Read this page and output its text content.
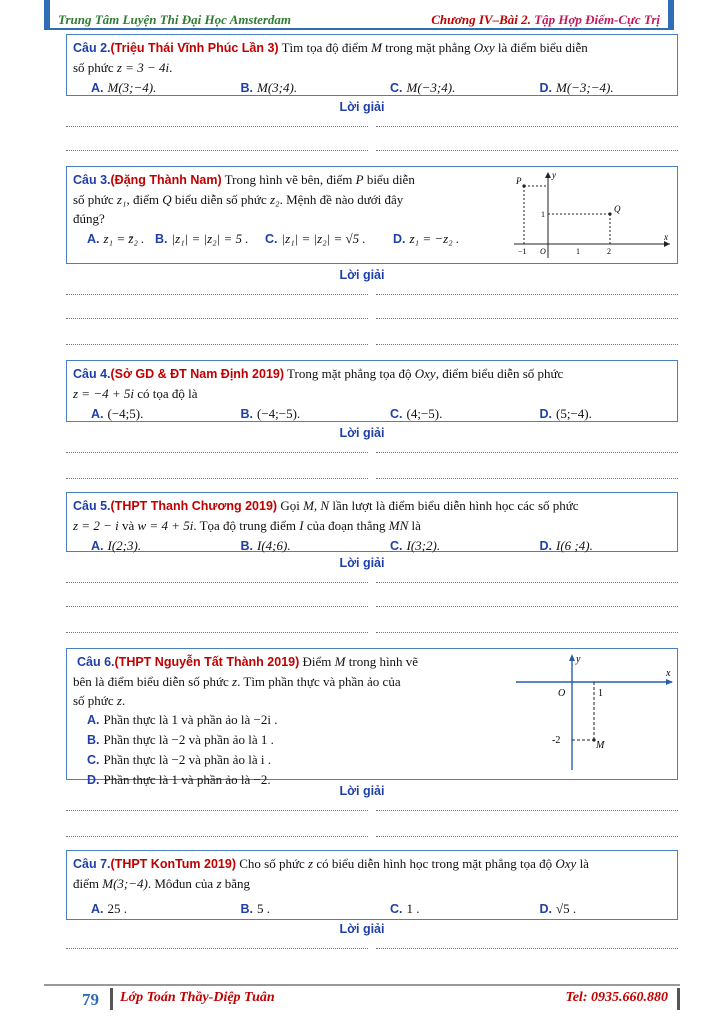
Trung Tâm Luyện Thi Đại Học Amsterdam	Chương IV–Bài 2. Tập Hợp Điểm-Cực Trị
Câu 2.(Triệu Thái Vĩnh Phúc Lần 3) Tìm tọa độ điểm M trong mặt phẳng Oxy là điểm biểu diễn
số phức z = 3 − 4i.
A. M(3;−4).	B. M(3;4).	C. M(−3;4).	D. M(−3;−4).
Lời giải
Câu 3.(Đặng Thành Nam) Trong hình vẽ bên, điểm P biểu diễn
số phức z₁, điểm Q biểu diễn số phức z₂. Mệnh đề nào dưới đây
đúng?
A. z₁ = z̄₂ . B. |z₁| = |z₂| = 5 .	C. |z₁| = |z₂| = √5 .	D. z₁ = −z₂ .
P
Q
y
x
1
O
−1	2
1
Lời giải
Câu 4.(Sở GD & ĐT Nam Định 2019) Trong mặt phẳng tọa độ Oxy, điểm biểu diễn số phức
z = −4 + 5i có tọa độ là
A. (−4;5).	B. (−4;−5).	C. (4;−5).	D. (5;−4).
Lời giải
Câu 5.(THPT Thanh Chương 2019) Gọi M, N lần lượt là điểm biểu diễn hình học các số phức
z = 2 − i và w = 4 + 5i. Tọa độ trung điểm I của đoạn thẳng MN là
A. I(2;3).	B. I(4;6).	C. I(3;2).	D. I(6 ;4).
Lời giải
Câu 6.(THPT Nguyễn Tất Thành 2019) Điểm M trong hình vẽ
bên là điểm biểu diễn số phức z. Tìm phần thực và phần ảo của
số phức z.
A. Phần thực là 1 và phần ảo là −2i .
B. Phần thực là −2 và phần ảo là 1 .
C. Phần thực là −2 và phần ảo là i .
D. Phần thực là 1 và phần ảo là −2.
y
x
O	1
-2	M
Lời giải
Câu 7.(THPT KonTum 2019) Cho số phức z có biểu diễn hình học trong mặt phẳng tọa độ Oxy là
điểm M(3;−4). Môđun của z bằng
A. 25 .	B. 5 .	C. 1 .	D. √5 .
Lời giải
79 Lớp Toán Thầy-Diệp Tuân	Tel: 0935.660.880
